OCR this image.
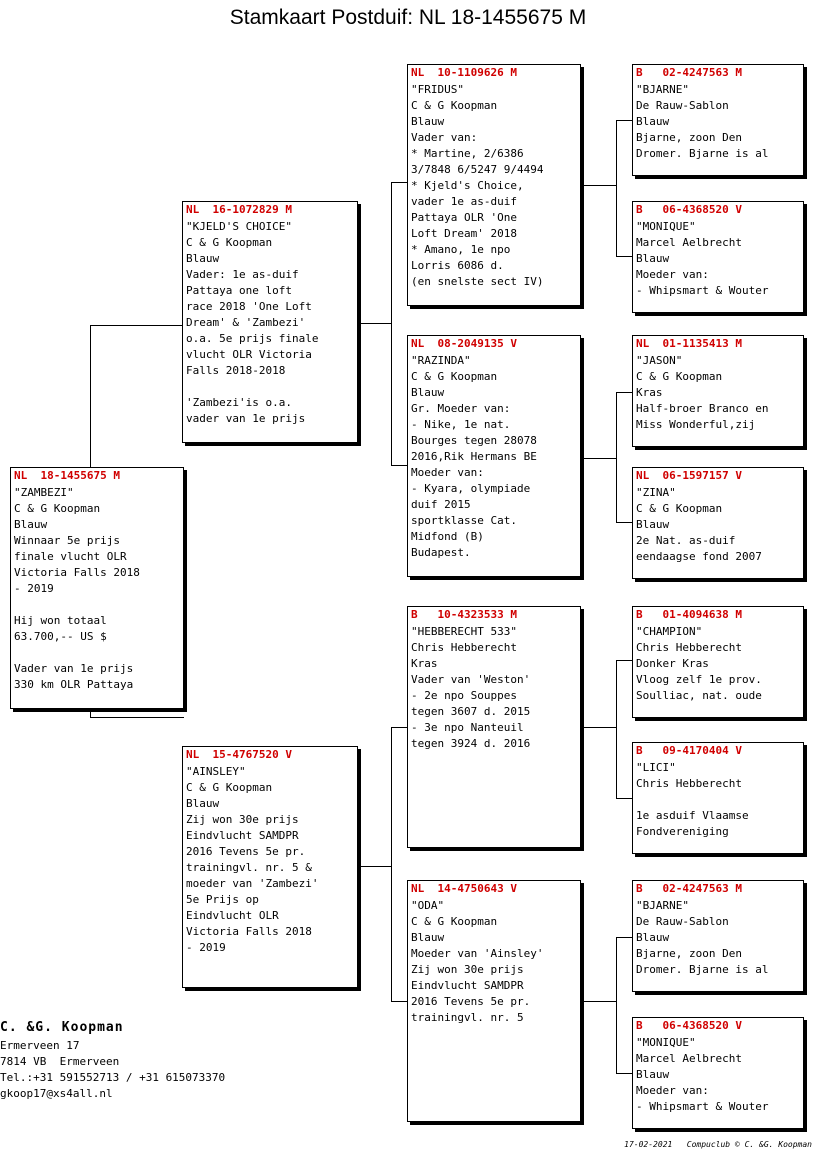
Stamkaart Postduif: NL 18-1455675 M
NL  18-1455675 M
"ZAMBEZI"
C & G Koopman
Blauw
Winnaar 5e prijs
finale vlucht OLR
Victoria Falls 2018
- 2019
Hij won totaal
63.700,-- US $
Vader van 1e prijs
330 km OLR Pattaya
NL  16-1072829 M
"KJELD'S CHOICE"
C & G Koopman
Blauw
Vader: 1e as-duif
Pattaya one loft
race 2018 'One Loft
Dream' & 'Zambezi'
o.a. 5e prijs finale
vlucht OLR Victoria
Falls 2018-2018
'Zambezi'is o.a.
vader van 1e prijs
NL  15-4767520 V
"AINSLEY"
C & G Koopman
Blauw
Zij won 30e prijs
Eindvlucht SAMDPR
2016 Tevens 5e pr.
trainingvl. nr. 5 &
moeder van 'Zambezi'
5e Prijs op
Eindvlucht OLR
Victoria Falls 2018
- 2019
NL  10-1109626 M
"FRIDUS"
C & G Koopman
Blauw
Vader van:
* Martine, 2/6386
3/7848 6/5247 9/4494
* Kjeld's Choice,
vader 1e as-duif
Pattaya OLR 'One
Loft Dream' 2018
* Amano, 1e npo
Lorris 6086 d.
(en snelste sect IV)
NL  08-2049135 V
"RAZINDA"
C & G Koopman
Blauw
Gr. Moeder van:
- Nike, 1e nat.
Bourges tegen 28078
2016,Rik Hermans BE
Moeder van:
- Kyara, olympiade
duif 2015
sportklasse Cat.
Midfond (B)
Budapest.
B   10-4323533 M
"HEBBERECHT 533"
Chris Hebberecht
Kras
Vader van 'Weston'
- 2e npo Souppes
tegen 3607 d. 2015
- 3e npo Nanteuil
tegen 3924 d. 2016
NL  14-4750643 V
"ODA"
C & G Koopman
Blauw
Moeder van 'Ainsley'
Zij won 30e prijs
Eindvlucht SAMDPR
2016 Tevens 5e pr.
trainingvl. nr. 5
B   02-4247563 M
"BJARNE"
De Rauw-Sablon
Blauw
Bjarne, zoon Den
Dromer. Bjarne is al
B   06-4368520 V
"MONIQUE"
Marcel Aelbrecht
Blauw
Moeder van:
- Whipsmart & Wouter
NL  01-1135413 M
"JASON"
C & G Koopman
Kras
Half-broer Branco en
Miss Wonderful,zij
NL  06-1597157 V
"ZINA"
C & G Koopman
Blauw
2e Nat. as-duif
eendaagse fond 2007
B   01-4094638 M
"CHAMPION"
Chris Hebberecht
Donker Kras
Vloog zelf 1e prov.
Soulliac, nat. oude
B   09-4170404 V
"LICI"
Chris Hebberecht
1e asduif Vlaamse
Fondvereniging
B   02-4247563 M
"BJARNE"
De Rauw-Sablon
Blauw
Bjarne, zoon Den
Dromer. Bjarne is al
B   06-4368520 V
"MONIQUE"
Marcel Aelbrecht
Blauw
Moeder van:
- Whipsmart & Wouter
C. &G. Koopman
Ermerveen 17
7814 VB  Ermerveen
Tel.:+31 591552713 / +31 615073370
gkoop17@xs4all.nl
17-02-2021   Compuclub © C. &G. Koopman
